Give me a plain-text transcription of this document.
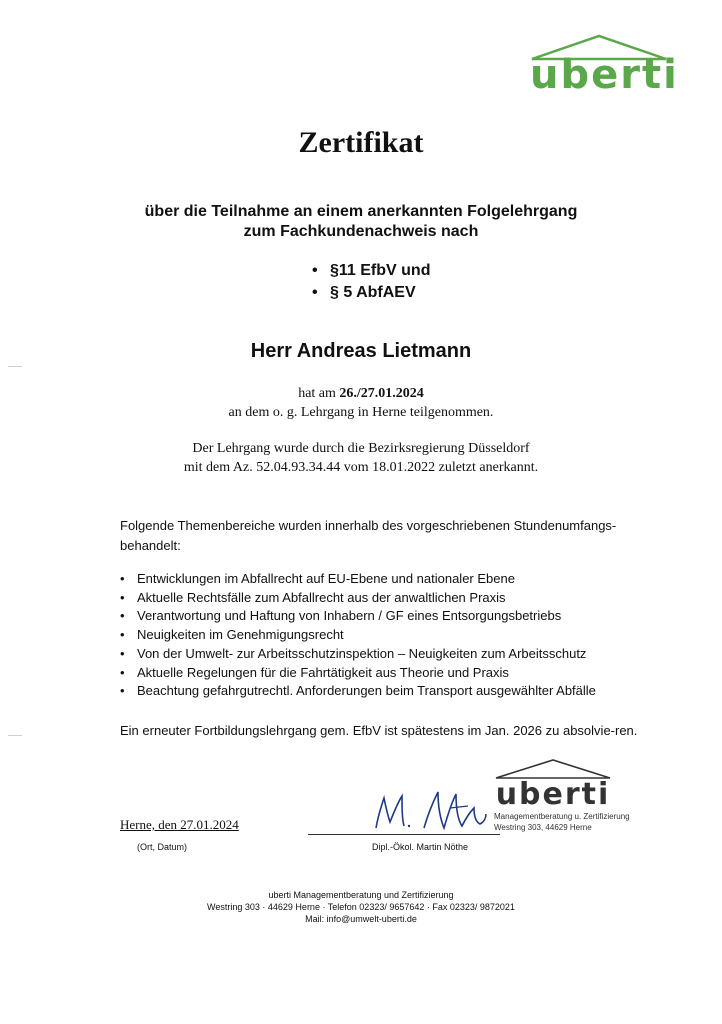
uberti
Zertifikat
über die Teilnahme an einem anerkannten Folgelehrgang
zum Fachkundenachweis nach
• §11 EfbV und
• § 5 AbfAEV
Herr Andreas Lietmann
hat am 26./27.01.2024
an dem o. g. Lehrgang in Herne teilgenommen.
Der Lehrgang wurde durch die Bezirksregierung Düsseldorf
mit dem Az. 52.04.93.34.44 vom 18.01.2022 zuletzt anerkannt.
Folgende Themenbereiche wurden innerhalb des vorgeschriebenen Stundenumfangs-behandelt:
• Entwicklungen im Abfallrecht auf EU-Ebene und nationaler Ebene
• Aktuelle Rechtsfälle zum Abfallrecht aus der anwaltlichen Praxis
• Verantwortung und Haftung von Inhabern / GF eines Entsorgungsbetriebs
• Neuigkeiten im Genehmigungsrecht
• Von der Umwelt- zur Arbeitsschutzinspektion – Neuigkeiten zum Arbeitsschutz
• Aktuelle Regelungen für die Fahrtätigkeit aus Theorie und Praxis
• Beachtung gefahrgutrechtl. Anforderungen beim Transport ausgewählter Abfälle
Ein erneuter Fortbildungslehrgang gem. EfbV ist spätestens im Jan. 2026 zu absolvie-ren.
Herne, den 27.01.2024
(Ort, Datum)	Dipl.-Ökol. Martin Nöthe
uberti
Managementberatung u. Zertifizierung
Westring 303, 44629 Herne
uberti Managementberatung und Zertifizierung
Westring 303 · 44629 Herne · Telefon 02323/ 9657642 · Fax 02323/ 9872021
Mail: info@umwelt-uberti.de
